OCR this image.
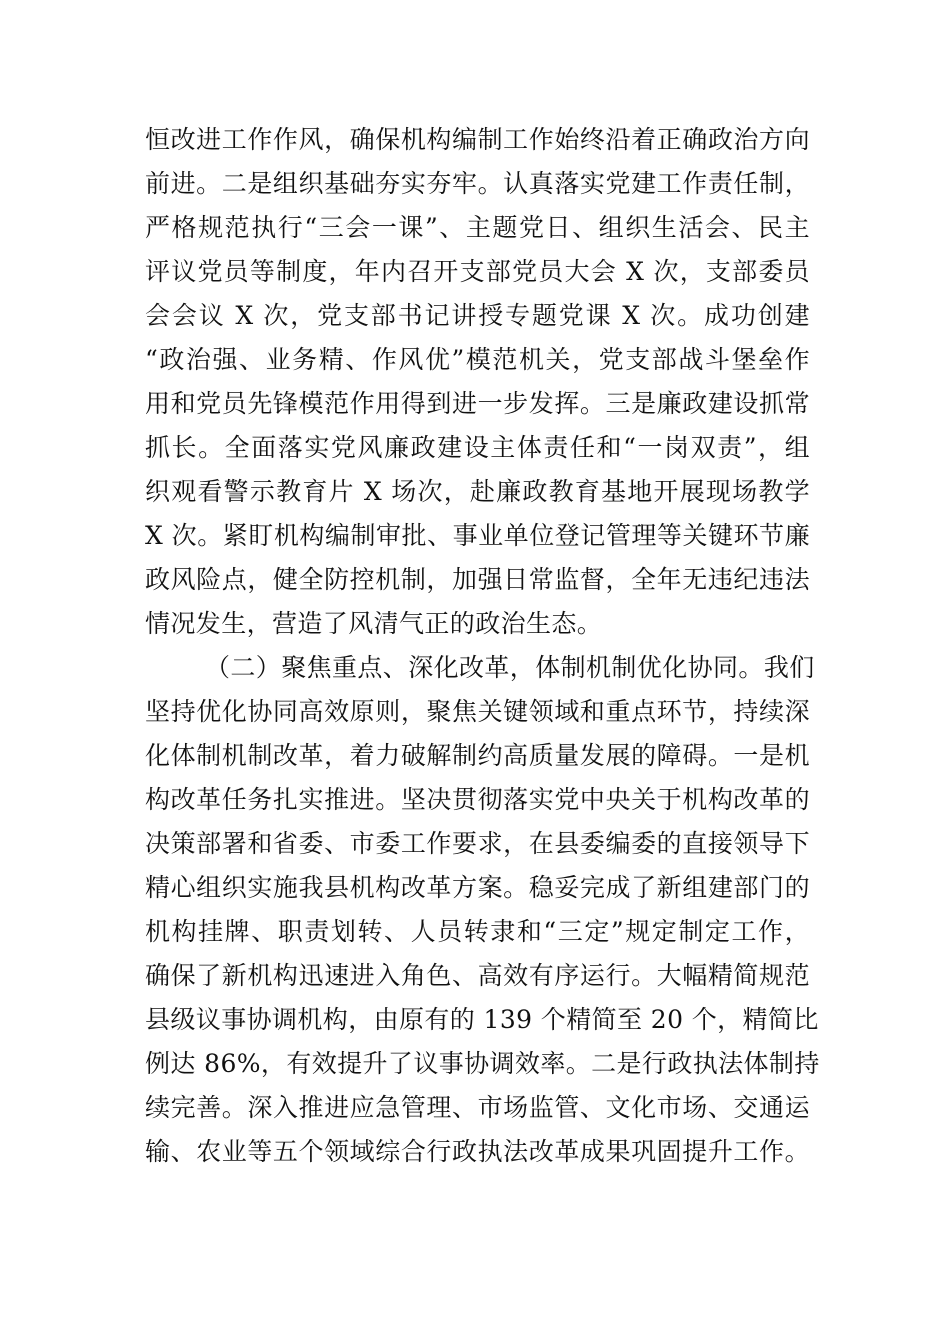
恒改进工作作风，确保机构编制工作始终沿着正确政治方向
前进。二是组织基础夯实夯牢。认真落实党建工作责任制，
严格规范执行“三会一课”、主题党日、组织生活会、民主
评议党员等制度，年内召开支部党员大会 X 次，支部委员
会会议 X 次，党支部书记讲授专题党课 X 次。成功创建
“政治强、业务精、作风优”模范机关，党支部战斗堡垒作
用和党员先锋模范作用得到进一步发挥。三是廉政建设抓常
抓长。全面落实党风廉政建设主体责任和“一岗双责”，组
织观看警示教育片 X 场次，赴廉政教育基地开展现场教学
X 次。紧盯机构编制审批、事业单位登记管理等关键环节廉
政风险点，健全防控机制，加强日常监督，全年无违纪违法
情况发生，营造了风清气正的政治生态。
（二）聚焦重点、深化改革，体制机制优化协同。我们
坚持优化协同高效原则，聚焦关键领域和重点环节，持续深
化体制机制改革，着力破解制约高质量发展的障碍。一是机
构改革任务扎实推进。坚决贯彻落实党中央关于机构改革的
决策部署和省委、市委工作要求，在县委编委的直接领导下
精心组织实施我县机构改革方案。稳妥完成了新组建部门的
机构挂牌、职责划转、人员转隶和“三定”规定制定工作，
确保了新机构迅速进入角色、高效有序运行。大幅精简规范
县级议事协调机构，由原有的 139 个精简至 20 个，精简比
例达 86%，有效提升了议事协调效率。二是行政执法体制持
续完善。深入推进应急管理、市场监管、文化市场、交通运
输、农业等五个领域综合行政执法改革成果巩固提升工作。
